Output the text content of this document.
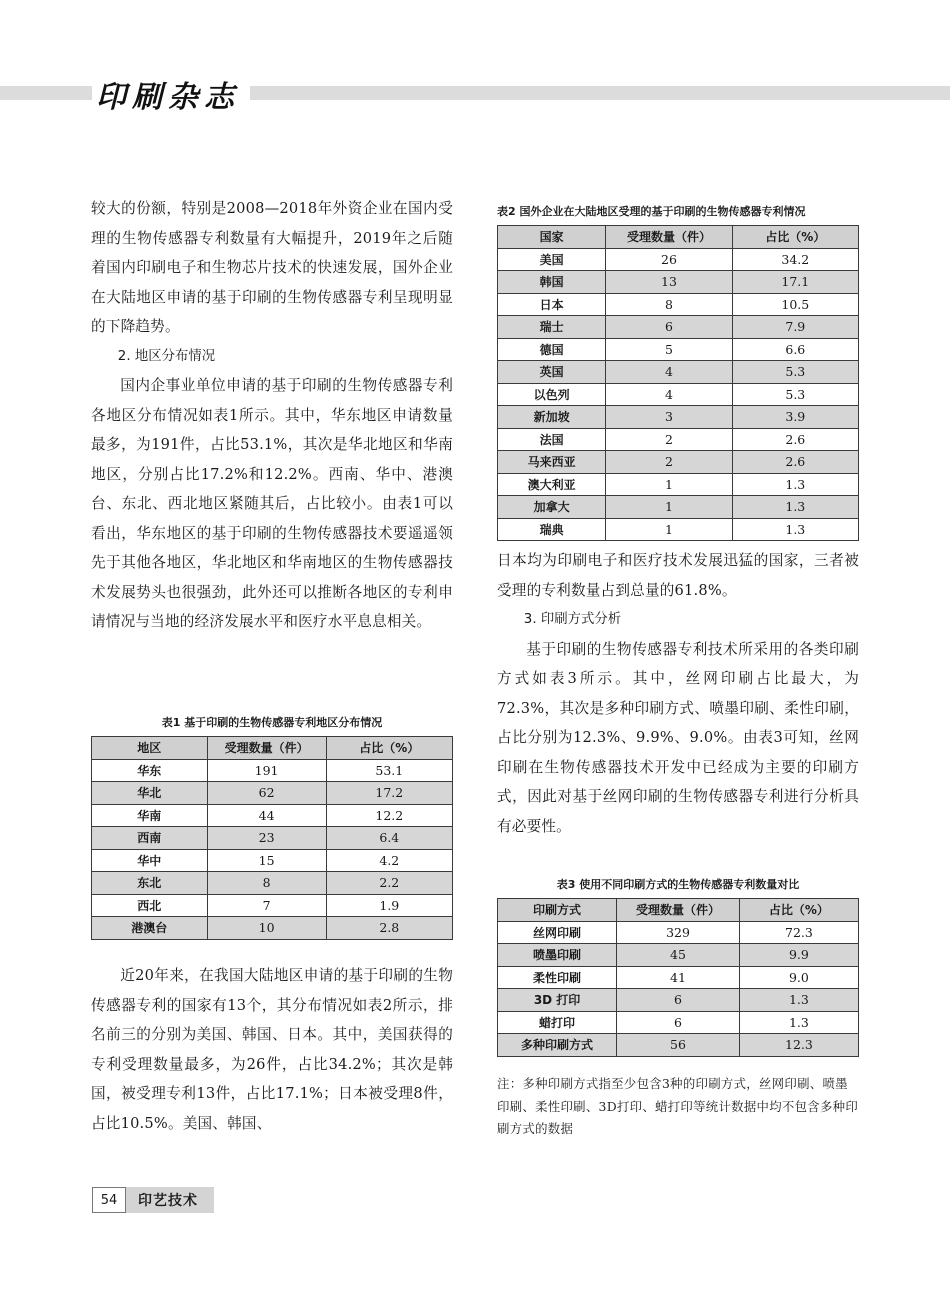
印刷杂志

较大的份额，特别是2008—2018年外资企业在国内受理的生物传感器专利数量有大幅提升，2019年之后随着国内印刷电子和生物芯片技术的快速发展，国外企业在大陆地区申请的基于印刷的生物传感器专利呈现明显的下降趋势。

2. 地区分布情况

国内企事业单位申请的基于印刷的生物传感器专利各地区分布情况如表1所示。其中，华东地区申请数量最多，为191件，占比53.1%，其次是华北地区和华南地区，分别占比17.2%和12.2%。西南、华中、港澳台、东北、西北地区紧随其后，占比较小。由表1可以看出，华东地区的基于印刷的生物传感器技术要遥遥领先于其他各地区，华北地区和华南地区的生物传感器技术发展势头也很强劲，此外还可以推断各地区的专利申请情况与当地的经济发展水平和医疗水平息息相关。

表1 基于印刷的生物传感器专利地区分布情况

地区	受理数量（件）	占比（%）
华东	191	53.1
华北	62	17.2
华南	44	12.2
西南	23	6.4
华中	15	4.2
东北	8	2.2
西北	7	1.9
港澳台	10	2.8

近20年来，在我国大陆地区申请的基于印刷的生物传感器专利的国家有13个，其分布情况如表2所示，排名前三的分别为美国、韩国、日本。其中，美国获得的专利受理数量最多，为26件，占比34.2%；其次是韩国，被受理专利13件，占比17.1%；日本被受理8件，占比10.5%。美国、韩国、

表2 国外企业在大陆地区受理的基于印刷的生物传感器专利情况

国家	受理数量（件）	占比（%）
美国	26	34.2
韩国	13	17.1
日本	8	10.5
瑞士	6	7.9
德国	5	6.6
英国	4	5.3
以色列	4	5.3
新加坡	3	3.9
法国	2	2.6
马来西亚	2	2.6
澳大利亚	1	1.3
加拿大	1	1.3
瑞典	1	1.3

日本均为印刷电子和医疗技术发展迅猛的国家，三者被受理的专利数量占到总量的61.8%。

3. 印刷方式分析

基于印刷的生物传感器专利技术所采用的各类印刷方式如表3所示。其中，丝网印刷占比最大，为72.3%，其次是多种印刷方式、喷墨印刷、柔性印刷，占比分别为12.3%、9.9%、9.0%。由表3可知，丝网印刷在生物传感器技术开发中已经成为主要的印刷方式，因此对基于丝网印刷的生物传感器专利进行分析具有必要性。

表3 使用不同印刷方式的生物传感器专利数量对比

印刷方式	受理数量（件）	占比（%）
丝网印刷	329	72.3
喷墨印刷	45	9.9
柔性印刷	41	9.0
3D 打印	6	1.3
蜡打印	6	1.3
多种印刷方式	56	12.3

注：多种印刷方式指至少包含3种的印刷方式，丝网印刷、喷墨印刷、柔性印刷、3D打印、蜡打印等统计数据中均不包含多种印刷方式的数据

54	印艺技术
